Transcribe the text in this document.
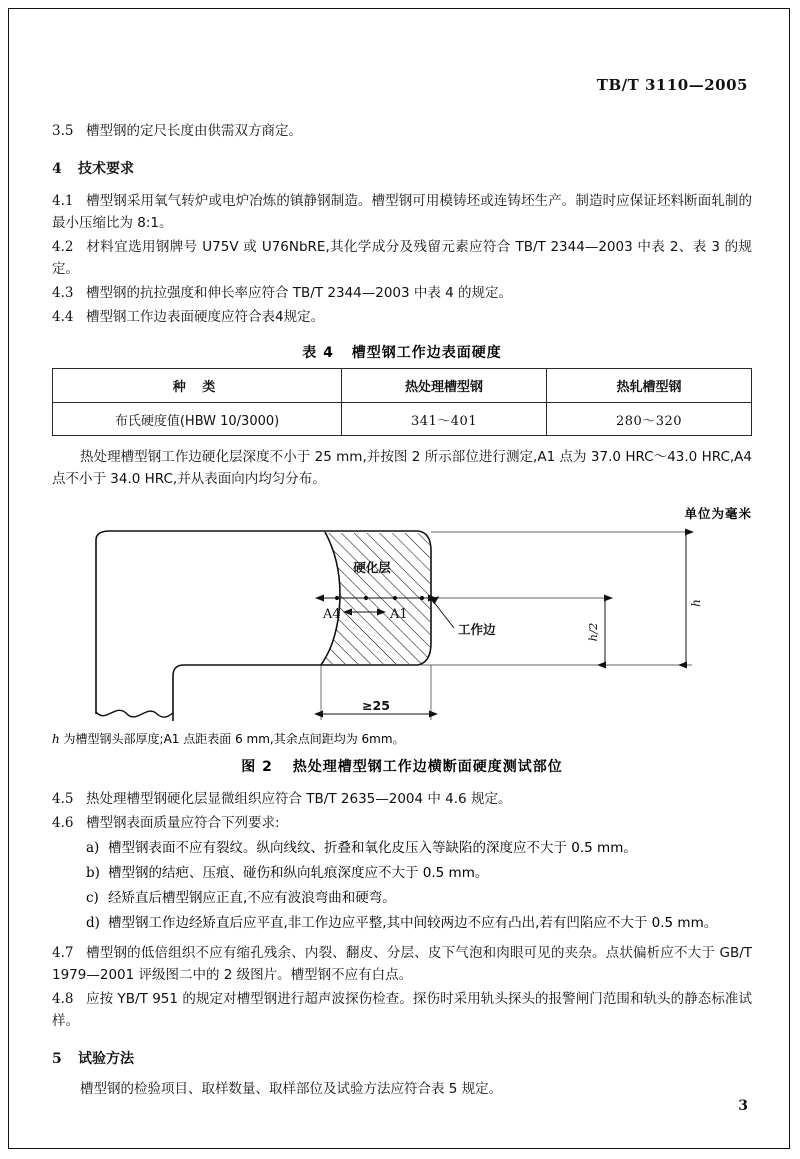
TB/T 3110—2005
3.5 槽型钢的定尺长度由供需双方商定。
4 技术要求
4.1 槽型钢采用氧气转炉或电炉冶炼的镇静钢制造。槽型钢可用模铸坯或连铸坯生产。制造时应保证坯料断面轧制的最小压缩比为 8:1。
4.2 材料宜选用钢牌号 U75V 或 U76NbRE,其化学成分及残留元素应符合 TB/T 2344—2003 中表 2、表 3 的规定。
4.3 槽型钢的抗拉强度和伸长率应符合 TB/T 2344—2003 中表 4 的规定。
4.4 槽型钢工作边表面硬度应符合表4规定。
表 4 槽型钢工作边表面硬度
种 类	热处理槽型钢	热轧槽型钢
布氏硬度值(HBW 10/3000)	341～401	280～320
热处理槽型钢工作边硬化层深度不小于 25 mm,并按图 2 所示部位进行测定,A1 点为 37.0 HRC～43.0 HRC,A4 点不小于 34.0 HRC,并从表面向内均匀分布。
单位为毫米
h
h/2
≥25
A4	A1
硬化层
工作边
h 为槽型钢头部厚度;A1 点距表面 6 mm,其余点间距均为 6mm。
图 2 热处理槽型钢工作边横断面硬度测试部位
4.5 热处理槽型钢硬化层显微组织应符合 TB/T 2635—2004 中 4.6 规定。
4.6 槽型钢表面质量应符合下列要求:
a) 槽型钢表面不应有裂纹。纵向线纹、折叠和氧化皮压入等缺陷的深度应不大于 0.5 mm。
b) 槽型钢的结疤、压痕、碰伤和纵向轧痕深度应不大于 0.5 mm。
c) 经矫直后槽型钢应正直,不应有波浪弯曲和硬弯。
d) 槽型钢工作边经矫直后应平直,非工作边应平整,其中间较两边不应有凸出,若有凹陷应不大于 0.5 mm。
4.7 槽型钢的低倍组织不应有缩孔残余、内裂、翻皮、分层、皮下气泡和肉眼可见的夹杂。点状偏析应不大于 GB/T 1979—2001 评级图二中的 2 级图片。槽型钢不应有白点。
4.8 应按 YB/T 951 的规定对槽型钢进行超声波探伤检查。探伤时采用轨头探头的报警闸门范围和轨头的静态标准试样。
5 试验方法
槽型钢的检验项目、取样数量、取样部位及试验方法应符合表 5 规定。
3
